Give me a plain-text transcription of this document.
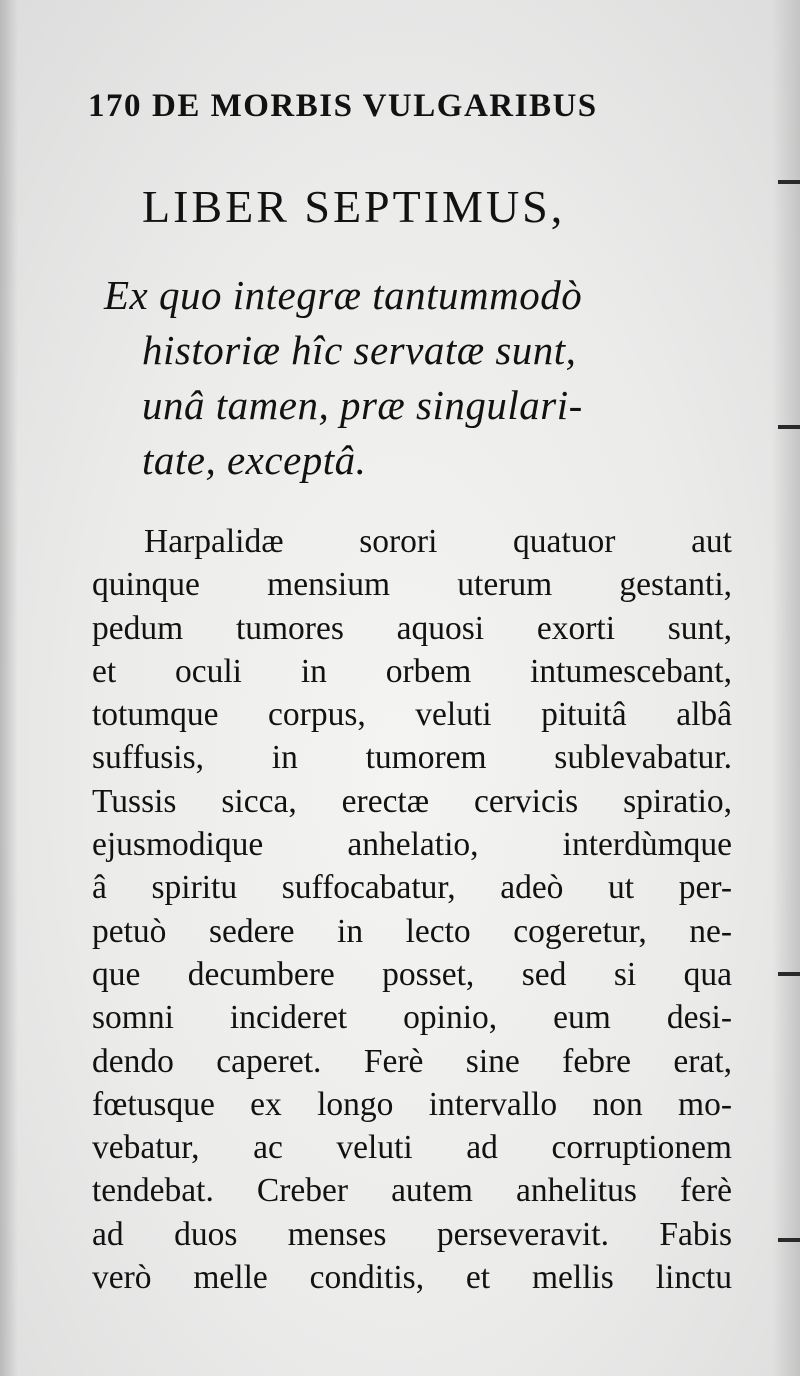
170 DE MORBIS VULGARIBUS
LIBER SEPTIMUS,
Ex quo integræ tantummodò
historiæ hîc servatæ sunt,
unâ tamen, præ singulari-
tate, exceptâ.
Harpalidæ sorori quatuor aut
quinque mensium uterum gestanti,
pedum tumores aquosi exorti sunt,
et oculi in orbem intumescebant,
totumque corpus, veluti pituitâ albâ
suffusis, in tumorem sublevabatur.
Tussis sicca, erectæ cervicis spiratio,
ejusmodique anhelatio, interdùmque
â spiritu suffocabatur, adeò ut per-
petuò sedere in lecto cogeretur, ne-
que decumbere posset, sed si qua
somni incideret opinio, eum desi-
dendo caperet. Ferè sine febre erat,
fœtusque ex longo intervallo non mo-
vebatur, ac veluti ad corruptionem
tendebat. Creber autem anhelitus ferè
ad duos menses perseveravit. Fabis
verò melle conditis, et mellis linctu
